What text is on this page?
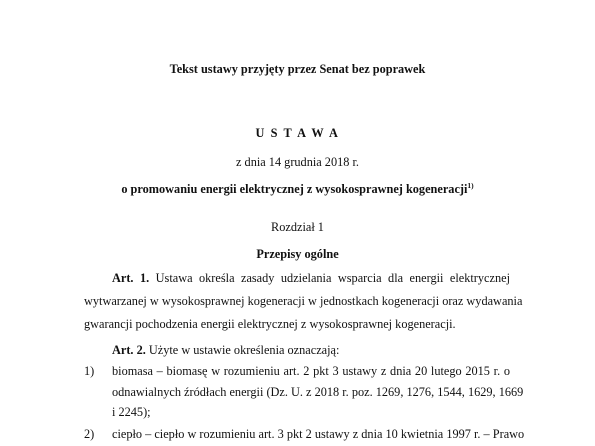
Tekst ustawy przyjęty przez Senat bez poprawek
U S T A W A
z dnia 14 grudnia 2018 r.
o promowaniu energii elektrycznej z wysokosprawnej kogeneracji$^{1)}$
Rozdział 1
Przepisy ogólne
Art. 1. Ustawa określa zasady udzielania wsparcia dla energii elektrycznej
wytwarzanej w wysokosprawnej kogeneracji w jednostkach kogeneracji oraz wydawania
gwarancji pochodzenia energii elektrycznej z wysokosprawnej kogeneracji.
Art. 2. Użyte w ustawie określenia oznaczają:
1) biomasa – biomasę w rozumieniu art. 2 pkt 3 ustawy z dnia 20 lutego 2015 r. o
odnawialnych źródłach energii (Dz. U. z 2018 r. poz. 1269, 1276, 1544, 1629, 1669
i 2245);
2) ciepło – ciepło w rozumieniu art. 3 pkt 2 ustawy z dnia 10 kwietnia 1997 r. – Prawo
